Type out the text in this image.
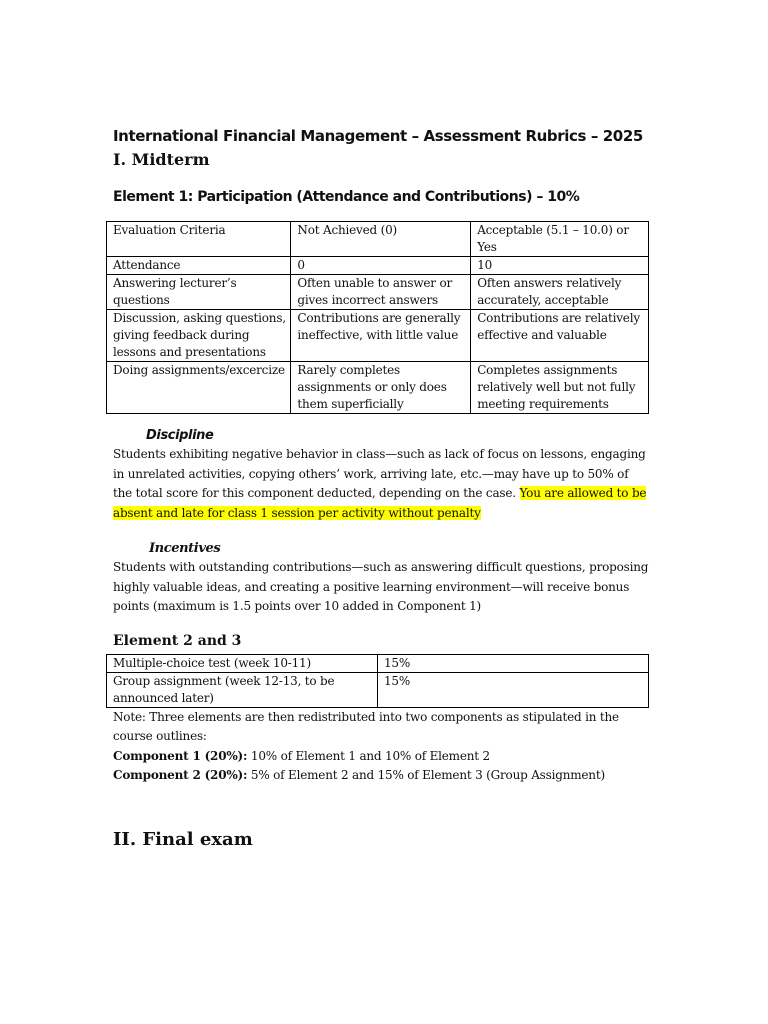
International Financial Management – Assessment Rubrics – 2025
I. Midterm
Element 1: Participation (Attendance and Contributions) – 10%
Evaluation Criteria	Not Achieved (0)	Acceptable (5.1 – 10.0) or Yes
Attendance	0	10
Answering lecturer’s questions	Often unable to answer or gives incorrect answers	Often answers relatively accurately, acceptable
Discussion, asking questions, giving feedback during lessons and presentations	Contributions are generally ineffective, with little value	Contributions are relatively effective and valuable
Doing assignments/excercize	Rarely completes assignments or only does them superficially	Completes assignments relatively well but not fully meeting requirements
Discipline

Students exhibiting negative behavior in class—such as lack of focus on lessons, engaging in unrelated activities, copying others’ work, arriving late, etc.—may have up to 50% of the total score for this component deducted, depending on the case. You are allowed to be absent and late for class 1 session per activity without penalty

Incentives

Students with outstanding contributions—such as answering difficult questions, proposing highly valuable ideas, and creating a positive learning environment—will receive bonus points (maximum is 1.5 points over 10 added in Component 1)

Element 2 and 3
Multiple-choice test (week 10-11)	15%
Group assignment (week 12-13, to be announced later)	15%

Note: Three elements are then redistributed into two components as stipulated in the course outlines:

Component 1 (20%): 10% of Element 1 and 10% of Element 2

Component 2 (20%): 5% of Element 2 and 15% of Element 3 (Group Assignment)

II. Final exam
